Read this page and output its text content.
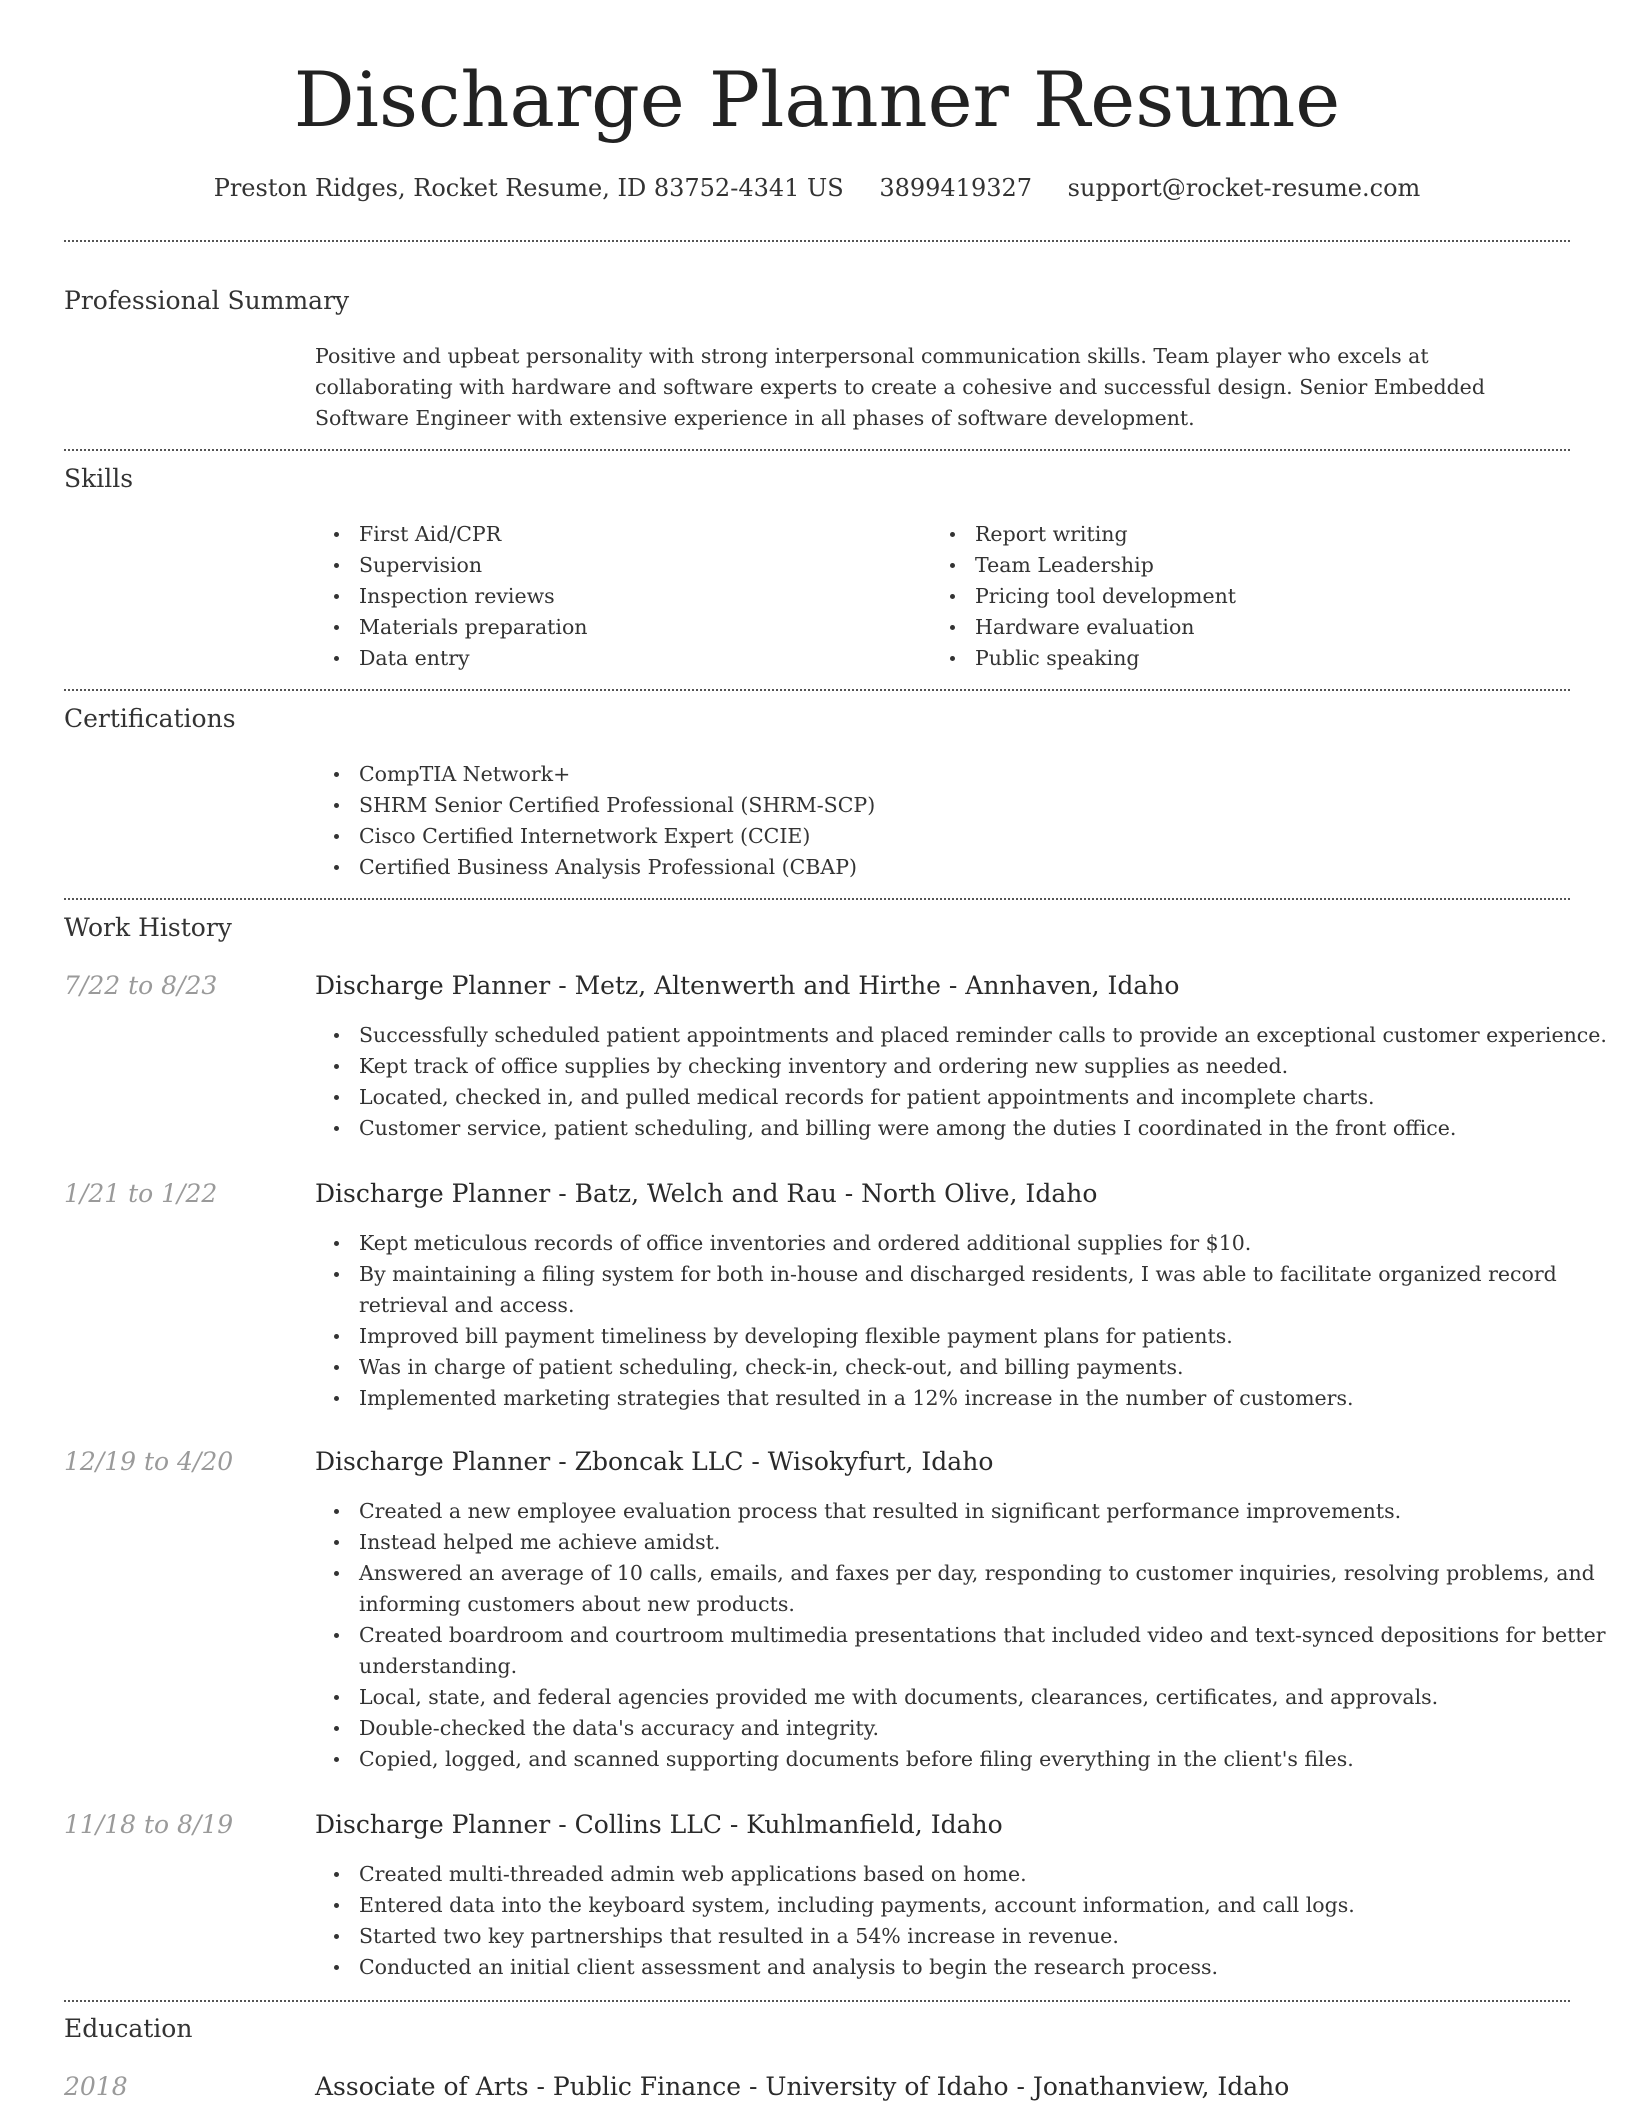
Discharge Planner Resume
Preston Ridges, Rocket Resume, ID 83752-4341 US 3899419327 support@rocket-resume.com
Professional Summary
Positive and upbeat personality with strong interpersonal communication skills. Team player who excels at collaborating with hardware and software experts to create a cohesive and successful design. Senior Embedded Software Engineer with extensive experience in all phases of software development.
Skills
First Aid/CPR
Supervision
Inspection reviews
Materials preparation
Data entry
Report writing
Team Leadership
Pricing tool development
Hardware evaluation
Public speaking
Certifications
CompTIA Network+
SHRM Senior Certified Professional (SHRM-SCP)
Cisco Certified Internetwork Expert (CCIE)
Certified Business Analysis Professional (CBAP)
Work History
7/22 to 8/23	Discharge Planner - Metz, Altenwerth and Hirthe - Annhaven, Idaho
Successfully scheduled patient appointments and placed reminder calls to provide an exceptional customer experience.
Kept track of office supplies by checking inventory and ordering new supplies as needed.
Located, checked in, and pulled medical records for patient appointments and incomplete charts.
Customer service, patient scheduling, and billing were among the duties I coordinated in the front office.
1/21 to 1/22	Discharge Planner - Batz, Welch and Rau - North Olive, Idaho
Kept meticulous records of office inventories and ordered additional supplies for $10.
By maintaining a filing system for both in-house and discharged residents, I was able to facilitate organized record retrieval and access.
Improved bill payment timeliness by developing flexible payment plans for patients.
Was in charge of patient scheduling, check-in, check-out, and billing payments.
Implemented marketing strategies that resulted in a 12% increase in the number of customers.
12/19 to 4/20	Discharge Planner - Zboncak LLC - Wisokyfurt, Idaho
Created a new employee evaluation process that resulted in significant performance improvements.
Instead helped me achieve amidst.
Answered an average of 10 calls, emails, and faxes per day, responding to customer inquiries, resolving problems, and informing customers about new products.
Created boardroom and courtroom multimedia presentations that included video and text-synced depositions for better understanding.
Local, state, and federal agencies provided me with documents, clearances, certificates, and approvals.
Double-checked the data's accuracy and integrity.
Copied, logged, and scanned supporting documents before filing everything in the client's files.
11/18 to 8/19	Discharge Planner - Collins LLC - Kuhlmanfield, Idaho
Created multi-threaded admin web applications based on home.
Entered data into the keyboard system, including payments, account information, and call logs.
Started two key partnerships that resulted in a 54% increase in revenue.
Conducted an initial client assessment and analysis to begin the research process.
Education
2018	Associate of Arts - Public Finance - University of Idaho - Jonathanview, Idaho
